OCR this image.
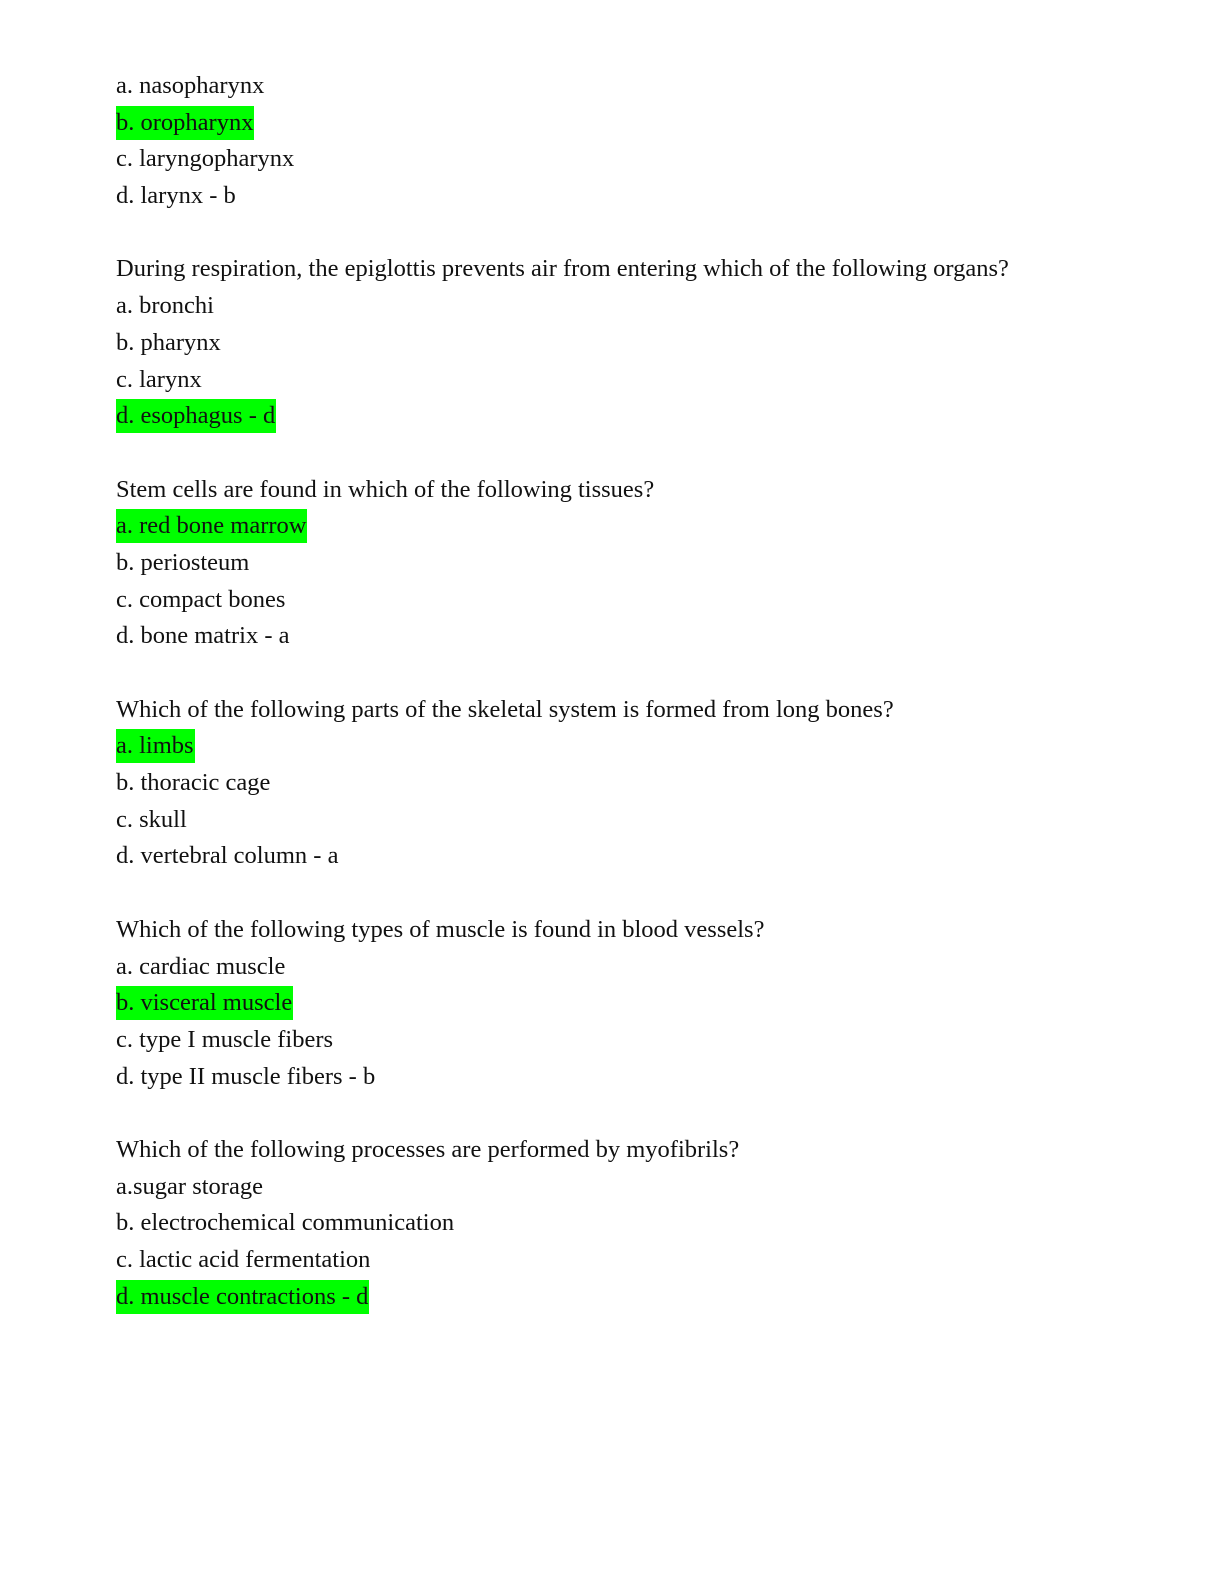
a. nasopharynx
b. oropharynx
c. laryngopharynx
d. larynx - b
During respiration, the epiglottis prevents air from entering which of the following organs?
a. bronchi
b. pharynx
c. larynx
d. esophagus - d
Stem cells are found in which of the following tissues?
a. red bone marrow
b. periosteum
c. compact bones
d. bone matrix - a
Which of the following parts of the skeletal system is formed from long bones?
a. limbs
b. thoracic cage
c. skull
d. vertebral column - a
Which of the following types of muscle is found in blood vessels?
a. cardiac muscle
b. visceral muscle
c. type I muscle fibers
d. type II muscle fibers - b
Which of the following processes are performed by myofibrils?
a.sugar storage
b. electrochemical communication
c. lactic acid fermentation
d. muscle contractions - d
